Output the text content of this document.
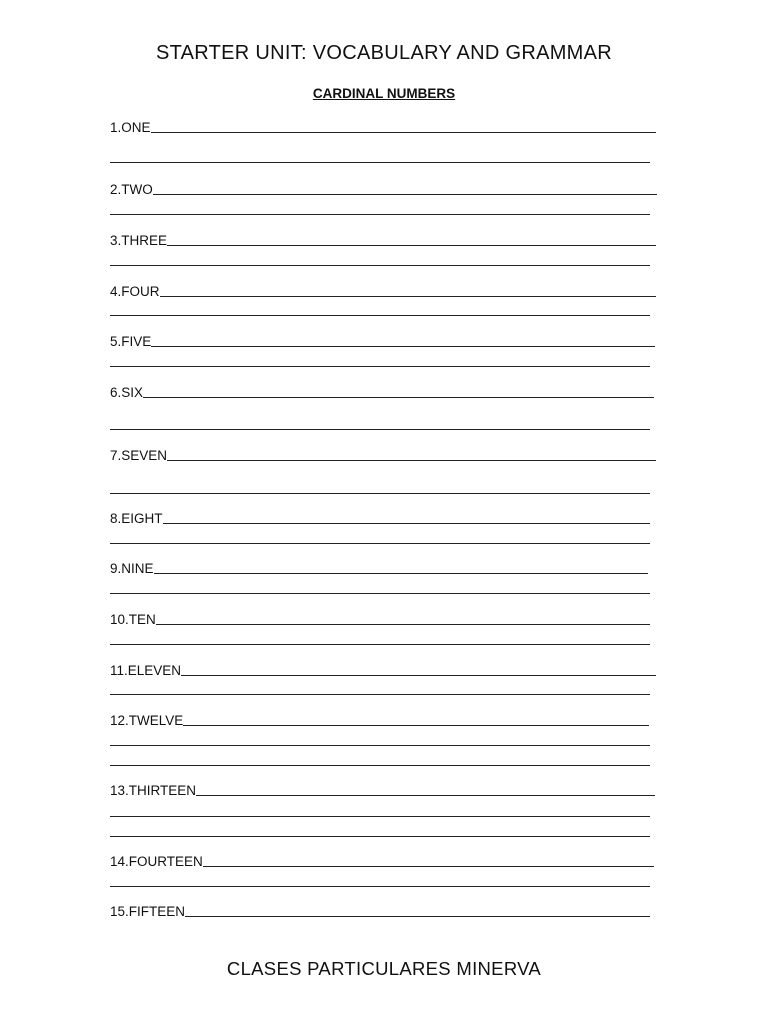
STARTER UNIT: VOCABULARY AND GRAMMAR
CARDINAL NUMBERS
1.ONE
2.TWO
3.THREE
4.FOUR
5.FIVE
6.SIX
7.SEVEN
8.EIGHT
9.NINE
10.TEN
11.ELEVEN
12.TWELVE
13.THIRTEEN
14.FOURTEEN
15.FIFTEEN
CLASES PARTICULARES MINERVA
